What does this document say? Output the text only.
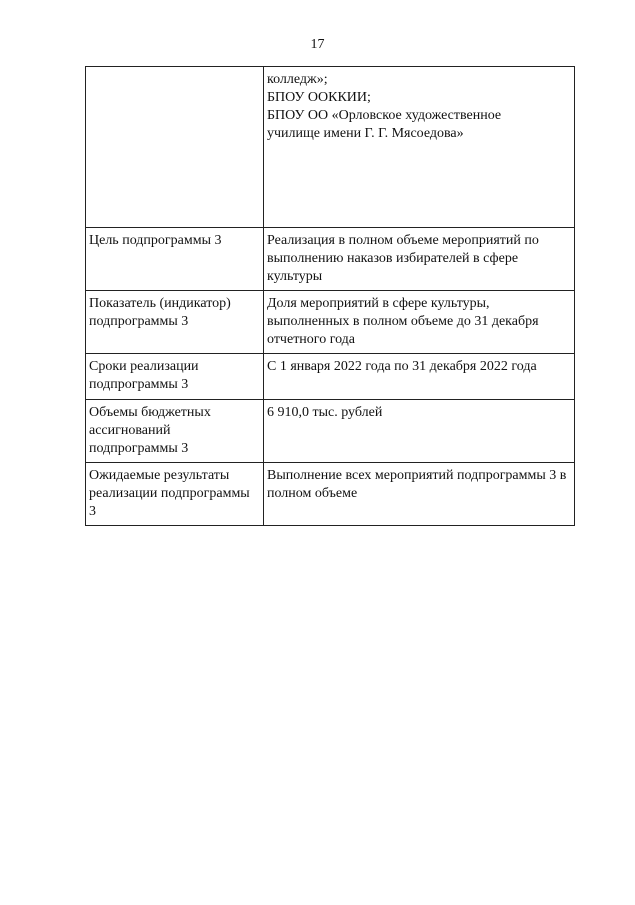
17

	колледж»;
БПОУ ООККИИ;
БПОУ ОО «Орловское художественное
училище имени Г. Г. Мясоедова»

Цель подпрограммы 3	Реализация в полном объеме мероприятий по выполнению наказов избирателей в сфере культуры
Показатель (индикатор) подпрограммы 3	Доля мероприятий в сфере культуры, выполненных в полном объеме до 31 декабря отчетного года
Сроки реализации подпрограммы 3	С 1 января 2022 года по 31 декабря 2022 года
Объемы бюджетных ассигнований подпрограммы 3	6 910,0 тыс. рублей
Ожидаемые результаты реализации подпрограммы 3	Выполнение всех мероприятий подпрограммы 3 в полном объеме
